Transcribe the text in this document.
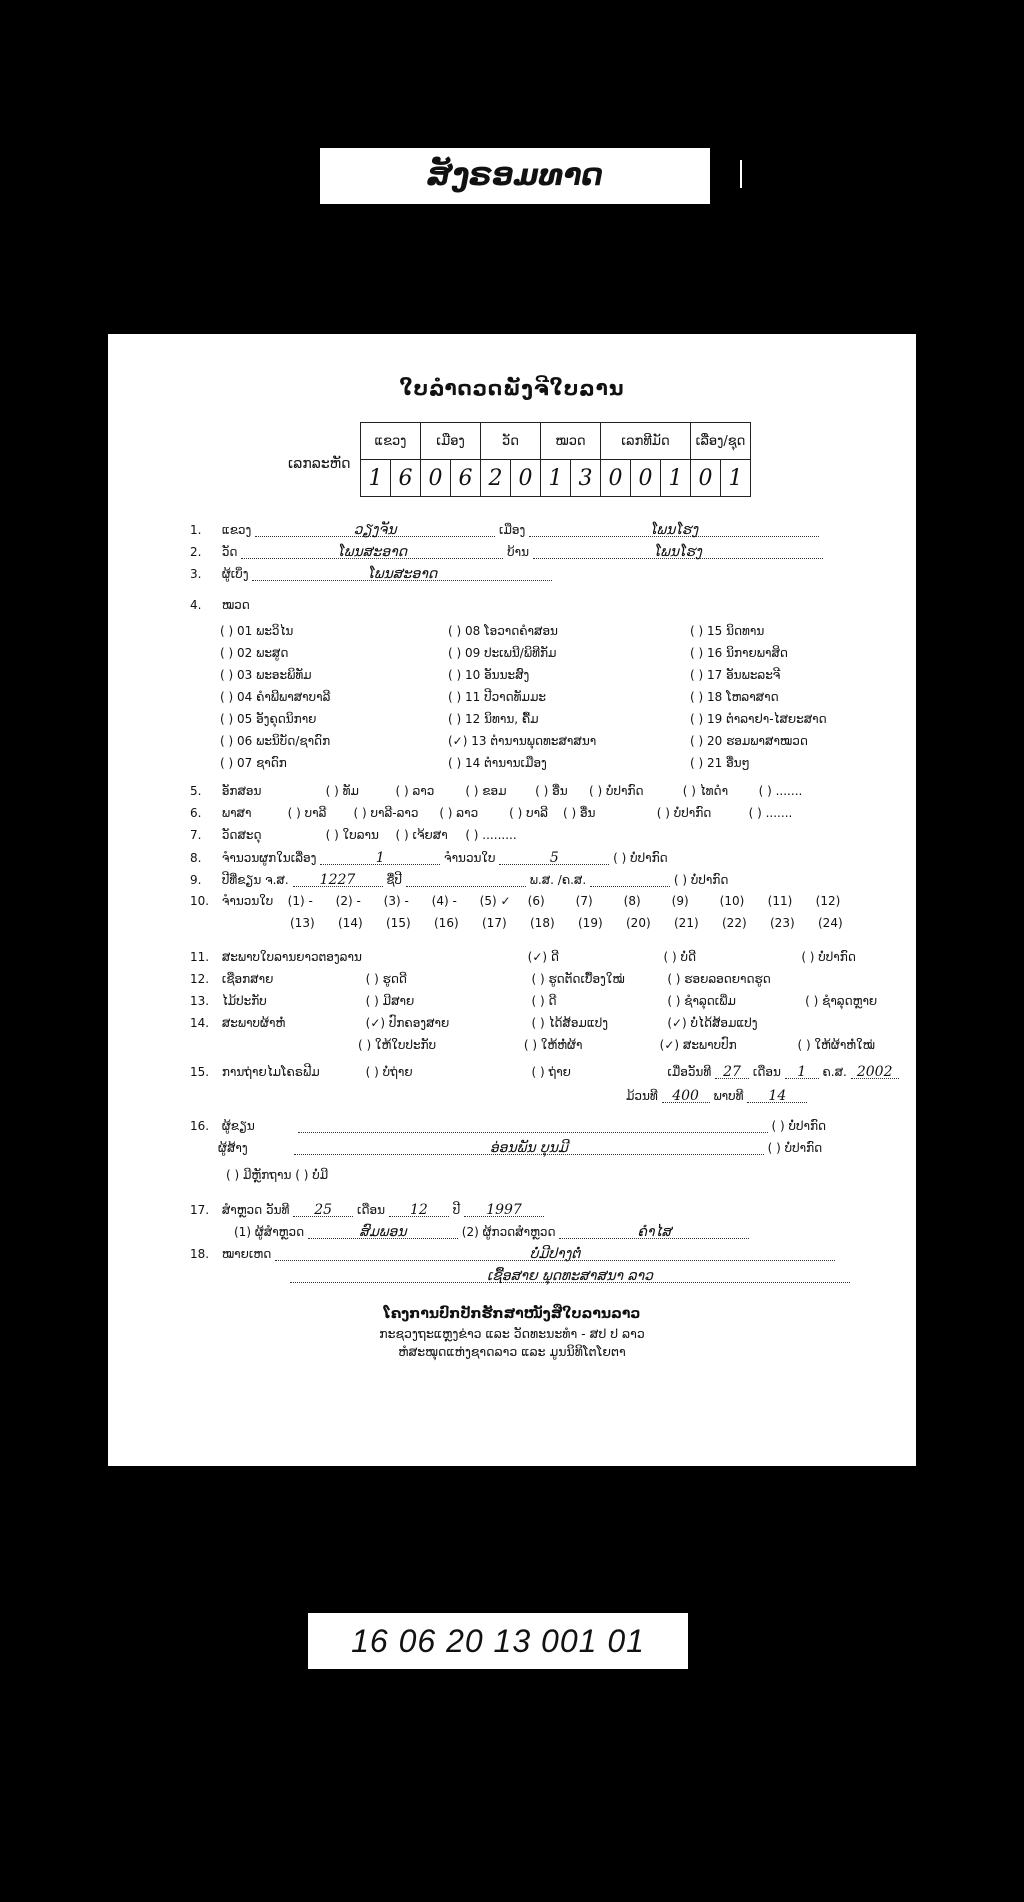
ສັງຣອມທາດ
ໃບລຳດວດພັງຈີໃບລານ
ເລກລະຫັດ
ແຂວງ		ເມືອງ		ວັດ		ໝວດ		ເລກທີມັດ			ເລື່ອງ/ຊຸດ	
1	6	0	6	2	0	1	3	0	0	1	0	1
1. ແຂວງ	ວຽງຈັນ	ເມືອງ	ໂພນໂຮງ
2. ວັດ	ໂພນສະອາດ	ບ້ານ	ໂພນໂຮງ
3. ຜູ້ເບິ່ງ	ໂພນສະອາດ
4. ໝວດ
( ) 01 ພະວິໄນ	( ) 08 ໂອວາດຄຳສອນ	( ) 15 ນິດທານ
( ) 02 ພະສູດ	( ) 09 ປະເພນີ/ພິທີກັມ	( ) 16 ນິກາຍພາສິດ
( ) 03 ພະອະພິທັມ	( ) 10 ອັນນະສົງ	( ) 17 ອັນພະລະຈີ
( ) 04 ຄຳພີພາສາບາລີ	( ) 11 ປີວາດທັມມະ	( ) 18 ໂຫລາສາດ
( ) 05 ອັງຄຸດນິກາຍ	( ) 12 ນິທານ, ຄື້ມ	( ) 19 ຕຳລາຢາ-ໄສຍະສາດ
( ) 06 ພະນິບັດ/ຊາດົກ	(✓) 13 ຕຳນານພຸດທະສາສນາ	( ) 20 ຮອມພາສາໝວດ
( ) 07 ຊາດົກ	( ) 14 ຕຳນານເມືອງ	( ) 21 ອື່ນໆ
5. ອັກສອນ	( ) ທັມ	( ) ລາວ	( ) ຂອມ ( ) ອື່ນ ( ) ບໍ່ປາກົດ	( ) ໄທດຳ	( ) .......
6. ພາສາ	( ) ບາລີ ( ) ບາລີ-ລາວ ( ) ລາວ	( ) ບາລີ ( ) ອື່ນ	( ) ບໍ່ປາກົດ	( ) .......
7. ວັດສະດຸ	( ) ໃບລານ ( ) ເຈ້ຍສາ ( ) .........
8. ຈຳນວນຜູກໃນເລື່ອງ	1	ຈຳນວນໃບ	5	( ) ບໍ່ປາກົດ
9. ປີທີ່ຂຽນ ຈ.ສ. 1227	ຊື່ປີ	ພ.ສ. /ຄ.ສ.	( ) ບໍ່ປາກົດ
10. ຈຳນວນໃບ (1) - (2) - (3) - (4) - (5) ✓ (6)	(7)	(8)	(9)	(10) (11) (12)
(13) (14) (15) (16) (17) (18) (19) (20) (21) (22) (23) (24)
11. ສະພາບໃບລານຍາວຕອງລານ	(✓) ດີ	( ) ບໍ່ດີ	( ) ບໍ່ປາກົດ
12. ເຊືອກສາຍ	( ) ຮູດດີ	( ) ຮູດຕັດເບື້ອງໃໝ່	( ) ຮອຍລອດຍາດຮູດ
13. ໄມ້ປະກັບ	( ) ມີສາຍ	( ) ດີ	( ) ຊຳລຸດເພີ່ມ	( ) ຊຳລຸດຫຼາຍ
14. ສະພາບຜ້າຫໍ່	(✓) ປົກຄອງສາຍ	( ) ໄດ້ສ້ອມແປງ	(✓) ບໍ່ໄດ້ສ້ອມແປງ
( ) ໃຫ້ໃບປະກັບ	( ) ໃຫ້ຫໍ່ຜ້າ	(✓) ສະພາບປົກ	( ) ໃຫ້ຜ້າຫໍ່ໃໝ່
15. ການຖ່າຍໄມໂຄຣຟີມ	( ) ບໍ່ຖ່າຍ	( ) ຖ່າຍ	ເມື່ອວັນທີ 27 ເດືອນ 1 ຄ.ສ. 2002
ມ້ວນທີ 400 ພາບທີ 14
16. ຜູ້ຂຽນ	( ) ບໍ່ປາກົດ
ຜູ້ສ້າງ	ອ່ອນພັນ ບຸນມີ	( ) ບໍ່ປາກົດ
( ) ມີຫຼັກຖານ ( ) ບໍ່ມີ
17. ສຳຫຼວດ ວັນທີ 25 ເດືອນ 12 ປີ 1997
(1) ຜູ້ສຳຫຼວດ	ສົມພອນ	(2) ຜູ້ກວດສຳຫຼວດ	ຄຳໄສ
18. ໝາຍເຫດ	ບໍ່ມີປາງຕໍ່
ເຊື້ອສາຍ ພຸດທະສາສນາ ລາວ
ໂຄງການປົກປັກຮັກສາໜັງສືໃບລານລາວ
ກະຊວງຖະແຫຼງຂ່າວ ແລະ ວັດທະນະທຳ - ສປ ປ ລາວ
ຫໍສະໝຸດແຫ່ງຊາດລາວ ແລະ ມູນນິທິໂຕໂຍຕາ
16 06 20 13 001 01
